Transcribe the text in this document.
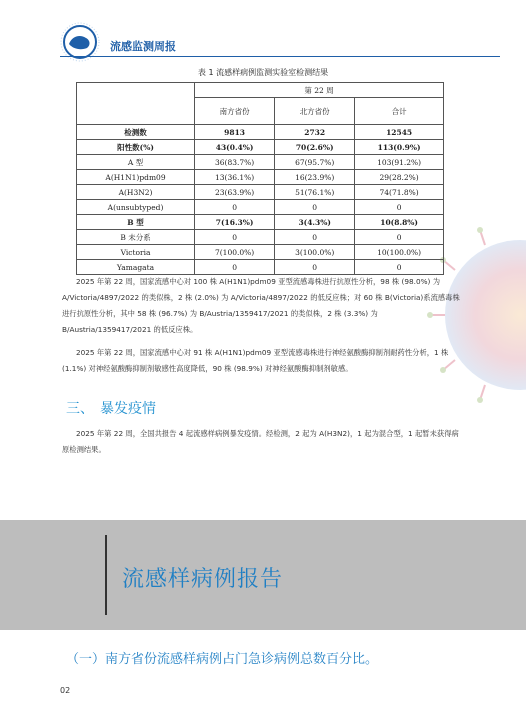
流感监测周报
表 1 流感样病例监测实验室检测结果
	第 22 周		
	南方省份	北方省份	合计
检测数	9813	2732	12545
阳性数(%)	43(0.4%)	70(2.6%)	113(0.9%)
A 型	36(83.7%)	67(95.7%)	103(91.2%)
A(H1N1)pdm09	13(36.1%)	16(23.9%)	29(28.2%)
A(H3N2)	23(63.9%)	51(76.1%)	74(71.8%)
A(unsubtyped)	0	0	0
B 型	7(16.3%)	3(4.3%)	10(8.8%)
B 未分系	0	0	0
Victoria	7(100.0%)	3(100.0%)	10(100.0%)
Yamagata	0	0	0
2025 年第 22 周，国家流感中心对 100 株 A(H1N1)pdm09 亚型流感毒株进行抗原性分析，98 株 (98.0%) 为 A/Victoria/4897/2022 的类似株，2 株 (2.0%) 为 A/Victoria/4897/2022 的低反应株；对 60 株 B(Victoria)系流感毒株进行抗原性分析，其中 58 株 (96.7%) 为 B/Austria/1359417/2021 的类似株，2 株 (3.3%) 为 B/Austria/1359417/2021 的低反应株。
2025 年第 22 周，国家流感中心对 91 株 A(H1N1)pdm09 亚型流感毒株进行神经氨酸酶抑制剂耐药性分析，1 株 (1.1%) 对神经氨酸酶抑制剂敏感性高度降低，90 株 (98.9%) 对神经氨酸酶抑制剂敏感。
三、 暴发疫情
2025 年第 22 周，全国共报告 4 起流感样病例暴发疫情。经检测，2 起为 A(H3N2)，1 起为混合型，1 起暂未获得病原检测结果。
流感样病例报告
（一）南方省份流感样病例占门急诊病例总数百分比。
02
